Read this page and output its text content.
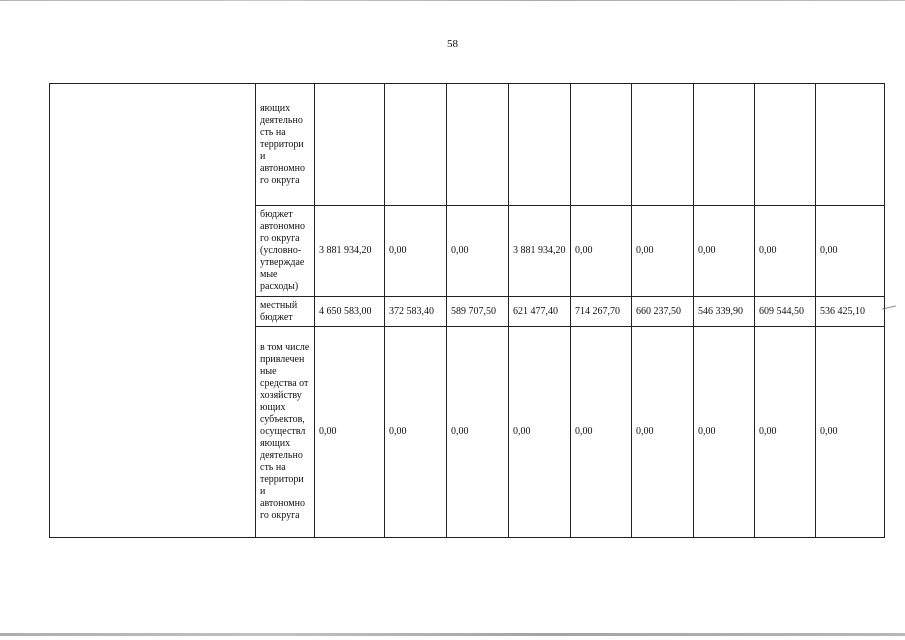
58
	яющих деятельно сть на территори и автономно го округа									
	бюджет автономно го округа (условно-утверждае мые расходы)	3 881 934,20	0,00	0,00	3 881 934,20	0,00	0,00	0,00	0,00	0,00
	местный бюджет	4 650 583,00	372 583,40	589 707,50	621 477,40	714 267,70	660 237,50	546 339,90	609 544,50	536 425,10
	в том числе привлечен ные средства от хозяйству ющих субъектов, осуществл яющих деятельно сть на территори и автономно го округа	0,00	0,00	0,00	0,00	0,00	0,00	0,00	0,00	0,00
